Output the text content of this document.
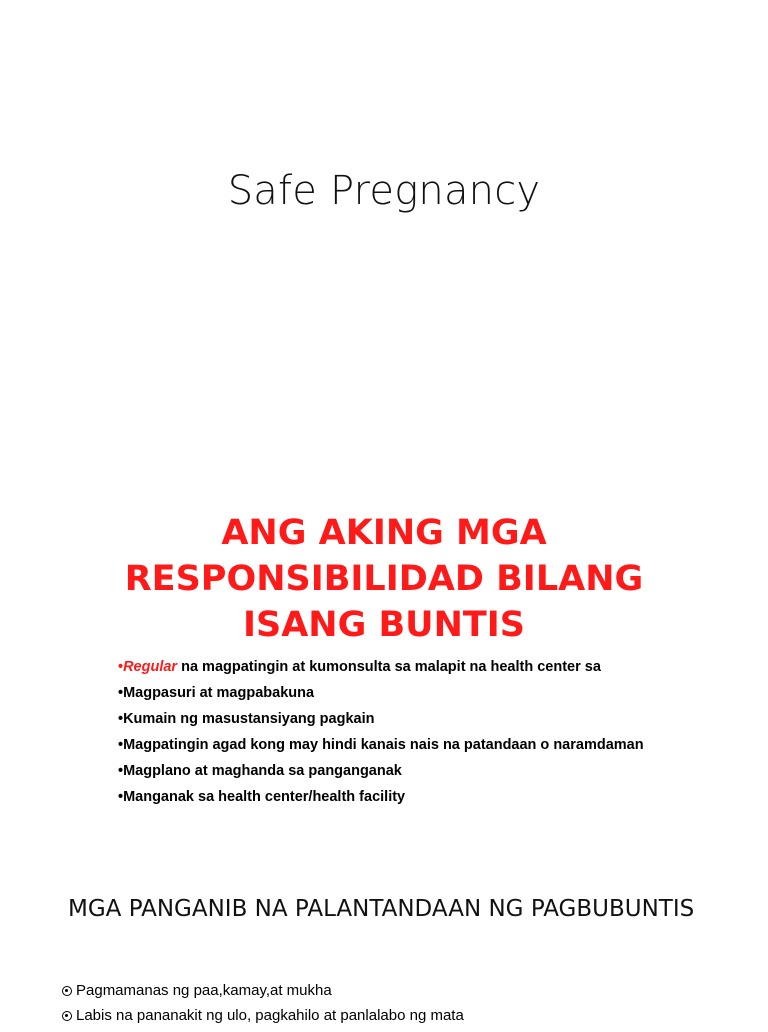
Safe Pregnancy
ANG AKING MGA RESPONSIBILIDAD BILANG ISANG BUNTIS
•Regular na magpatingin at kumonsulta sa malapit na health center sa
•Magpasuri at magpabakuna
•Kumain ng masustansiyang pagkain
•Magpatingin agad kong may hindi kanais nais na patandaan o naramdaman
•Magplano at maghanda sa panganganak
•Manganak sa health center/health facility
MGA PANGANIB NA PALANTANDAAN NG PAGBUBUNTIS
Pagmamanas ng paa,kamay,at mukha
Labis na pananakit ng ulo, pagkahilo at panlalabo ng mata
